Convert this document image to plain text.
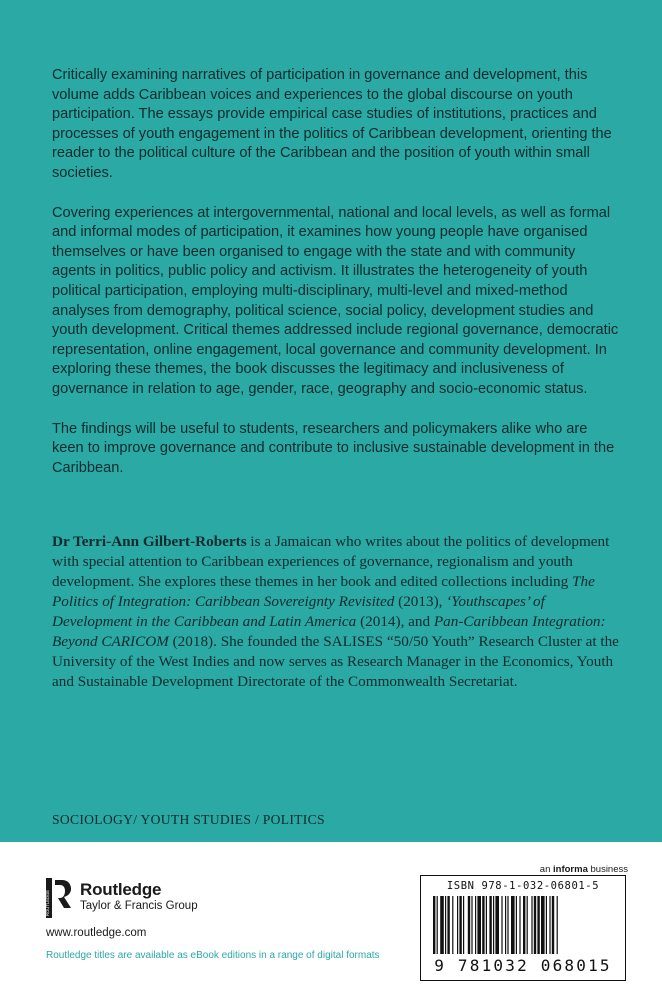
Critically examining narratives of participation in governance and development, this volume adds Caribbean voices and experiences to the global discourse on youth participation. The essays provide empirical case studies of institutions, practices and processes of youth engagement in the politics of Caribbean development, orienting the reader to the political culture of the Caribbean and the position of youth within small societies.

Covering experiences at intergovernmental, national and local levels, as well as formal and informal modes of participation, it examines how young people have organised themselves or have been organised to engage with the state and with community agents in politics, public policy and activism. It illustrates the heterogeneity of youth political participation, employing multi-disciplinary, multi-level and mixed-method analyses from demography, political science, social policy, development studies and youth development. Critical themes addressed include regional governance, democratic representation, online engagement, local governance and community development. In exploring these themes, the book discusses the legitimacy and inclusiveness of governance in relation to age, gender, race, geography and socio-economic status.

The findings will be useful to students, researchers and policymakers alike who are keen to improve governance and contribute to inclusive sustainable development in the Caribbean.

Dr Terri-Ann Gilbert-Roberts is a Jamaican who writes about the politics of development with special attention to Caribbean experiences of governance, regionalism and youth development. She explores these themes in her book and edited collections including The Politics of Integration: Caribbean Sovereignty Revisited (2013), ‘Youthscapes’ of Development in the Caribbean and Latin America (2014), and Pan-Caribbean Integration: Beyond CARICOM (2018). She founded the SALISES “50/50 Youth” Research Cluster at the University of the West Indies and now serves as Research Manager in the Economics, Youth and Sustainable Development Directorate of the Commonwealth Secretariat.
SOCIOLOGY/ YOUTH STUDIES / POLITICS
an informa business
ROUTLEDGE
Routledge
Taylor & Francis Group
www.routledge.com
Routledge titles are available as eBook editions in a range of digital formats
ISBN 978-1-032-06801-5
9 781032 068015
